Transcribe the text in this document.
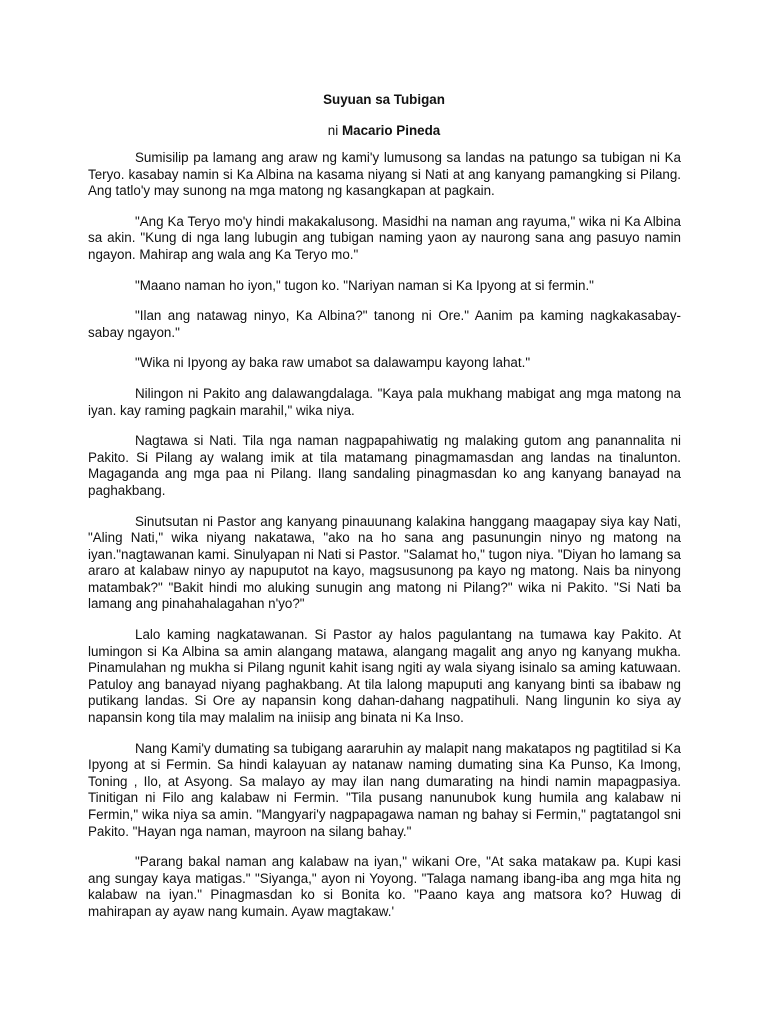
Suyuan sa Tubigan

ni Macario Pineda

Sumisilip pa lamang ang araw ng kami'y lumusong sa landas na patungo sa tubigan ni Ka Teryo. kasabay namin si Ka Albina na kasama niyang si Nati at ang kanyang pamangking si Pilang. Ang tatlo'y may sunong na mga matong ng kasangkapan at pagkain.

"Ang Ka Teryo mo'y hindi makakalusong. Masidhi na naman ang rayuma," wika ni Ka Albina sa akin. "Kung di nga lang lubugin ang tubigan naming yaon ay naurong sana ang pasuyo namin ngayon. Mahirap ang wala ang Ka Teryo mo."

"Maano naman ho iyon," tugon ko. "Nariyan naman si Ka Ipyong at si fermin."

"Ilan ang natawag ninyo, Ka Albina?" tanong ni Ore." Aanim pa kaming nagkakasabay-sabay ngayon."

"Wika ni Ipyong ay baka raw umabot sa dalawampu kayong lahat."

Nilingon ni Pakito ang dalawangdalaga. "Kaya pala mukhang mabigat ang mga matong na iyan. kay raming pagkain marahil," wika niya.

Nagtawa si Nati. Tila nga naman nagpapahiwatig ng malaking gutom ang panannalita ni Pakito. Si Pilang ay walang imik at tila matamang pinagmamasdan ang landas na tinalunton. Magaganda ang mga paa ni Pilang. Ilang sandaling pinagmasdan ko ang kanyang banayad na paghakbang.

Sinutsutan ni Pastor ang kanyang pinauunang kalakina hanggang maagapay siya kay Nati, "Aling Nati," wika niyang nakatawa, "ako na ho sana ang pasunungin ninyo ng matong na iyan."nagtawanan kami. Sinulyapan ni Nati si Pastor. "Salamat ho," tugon niya. "Diyan ho lamang sa araro at kalabaw ninyo ay napuputot na kayo, magsusunong pa kayo ng matong. Nais ba ninyong matambak?" "Bakit hindi mo aluking sunugin ang matong ni Pilang?" wika ni Pakito. "Si Nati ba lamang ang pinahahalagahan n'yo?"

Lalo kaming nagkatawanan. Si Pastor ay halos pagulantang na tumawa kay Pakito. At lumingon si Ka Albina sa amin alangang matawa, alangang magalit ang anyo ng kanyang mukha. Pinamulahan ng mukha si Pilang ngunit kahit isang ngiti ay wala siyang isinalo sa aming katuwaan. Patuloy ang banayad niyang paghakbang. At tila lalong mapuputi ang kanyang binti sa ibabaw ng putikang landas. Si Ore ay napansin kong dahan-dahang nagpatihuli. Nang lingunin ko siya ay napansin kong tila may malalim na iniisip ang binata ni Ka Inso.

Nang Kami'y dumating sa tubigang aararuhin ay malapit nang makatapos ng pagtitilad si Ka Ipyong at si Fermin. Sa hindi kalayuan ay natanaw naming dumating sina Ka Punso, Ka Imong, Toning , Ilo, at Asyong. Sa malayo ay may ilan nang dumarating na hindi namin mapagpasiya. Tinitigan ni Filo ang kalabaw ni Fermin. "Tila pusang nanunubok kung humila ang kalabaw ni Fermin," wika niya sa amin. "Mangyari'y nagpapagawa naman ng bahay si Fermin," pagtatangol sni Pakito. "Hayan nga naman, mayroon na silang bahay."

"Parang bakal naman ang kalabaw na iyan," wikani Ore, "At saka matakaw pa. Kupi kasi ang sungay kaya matigas." "Siyanga," ayon ni Yoyong. "Talaga namang ibang-iba ang mga hita ng kalabaw na iyan." Pinagmasdan ko si Bonita ko. "Paano kaya ang matsora ko? Huwag di mahirapan ay ayaw nang kumain. Ayaw magtakaw.'
